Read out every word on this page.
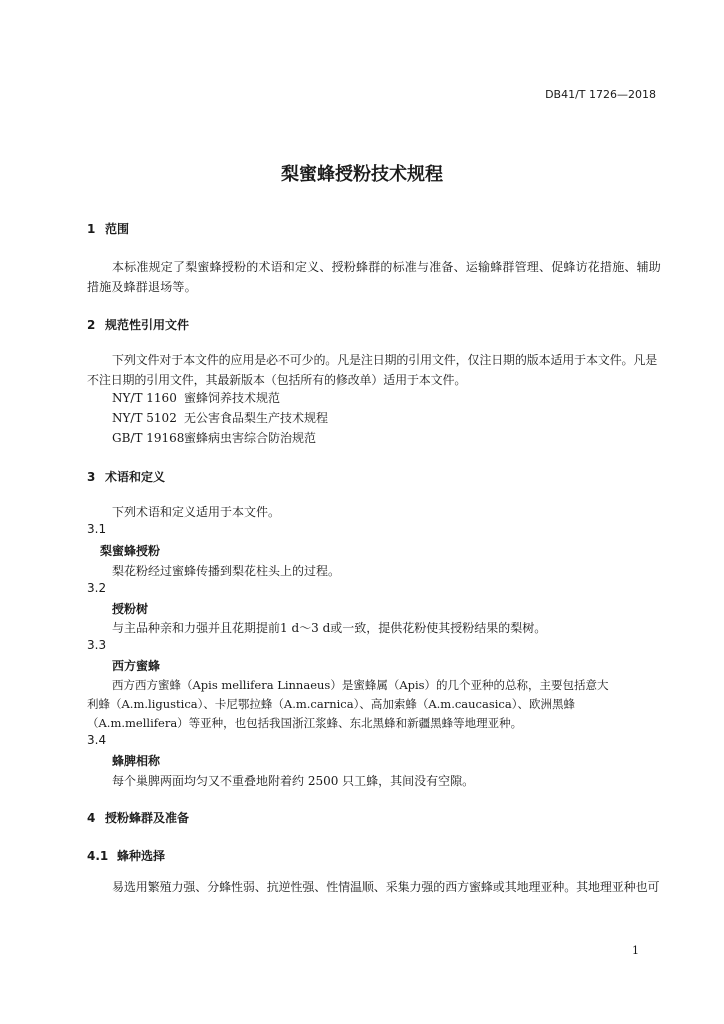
DB41/T 1726—2018
梨蜜蜂授粉技术规程
1 范围
本标准规定了梨蜜蜂授粉的术语和定义、授粉蜂群的标准与准备、运输蜂群管理、促蜂访花措施、辅助措施及蜂群退场等。
2 规范性引用文件
下列文件对于本文件的应用是必不可少的。凡是注日期的引用文件，仅注日期的版本适用于本文件。凡是不注日期的引用文件，其最新版本（包括所有的修改单）适用于本文件。
NY/T 1160 蜜蜂饲养技术规范
NY/T 5102 无公害食品梨生产技术规程
GB/T 19168蜜蜂病虫害综合防治规范
3 术语和定义
下列术语和定义适用于本文件。
3.1
梨蜜蜂授粉
梨花粉经过蜜蜂传播到梨花柱头上的过程。
3.2
授粉树
与主品种亲和力强并且花期提前1 d～3 d或一致，提供花粉使其授粉结果的梨树。
3.3
西方蜜蜂
西方西方蜜蜂（Apis mellifera Linnaeus）是蜜蜂属（Apis）的几个亚种的总称，主要包括意大
利蜂（A.m.ligustica）、卡尼鄂拉蜂（A.m.carnica）、高加索蜂（A.m.caucasica）、欧洲黑蜂
（A.m.mellifera）等亚种，也包括我国浙江浆蜂、东北黑蜂和新疆黑蜂等地理亚种。
3.4
蜂脾相称
每个巢脾两面均匀又不重叠地附着约 2500 只工蜂，其间没有空隙。
4 授粉蜂群及准备
4.1 蜂种选择
易选用繁殖力强、分蜂性弱、抗逆性强、性情温顺、采集力强的西方蜜蜂或其地理亚种。其地理亚种也可
1
